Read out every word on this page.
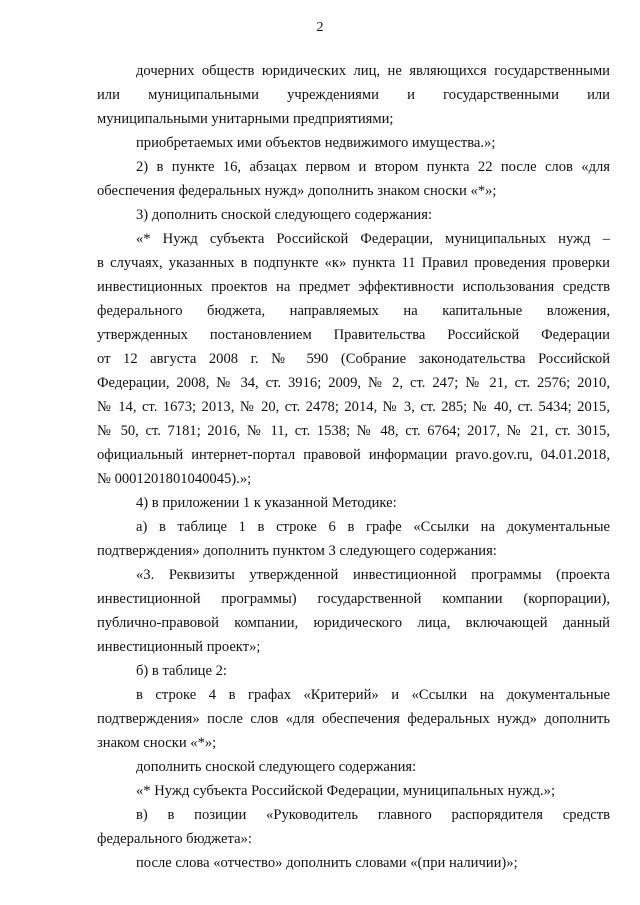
2
дочерних обществ юридических лиц, не являющихся государственными
или муниципальными учреждениями и государственными или
муниципальными унитарными предприятиями;
приобретаемых ими объектов недвижимого имущества.»;
2) в пункте 16, абзацах первом и втором пункта 22 после слов «для
обеспечения федеральных нужд» дополнить знаком сноски «*»;
3) дополнить сноской следующего содержания:
«* Нужд субъекта Российской Федерации, муниципальных нужд –
в случаях, указанных в подпункте «к» пункта 11 Правил проведения проверки
инвестиционных проектов на предмет эффективности использования средств
федерального бюджета, направляемых на капитальные вложения,
утвержденных постановлением Правительства Российской Федерации
от 12 августа 2008 г. № 590 (Собрание законодательства Российской
Федерации, 2008, № 34, ст. 3916; 2009, № 2, ст. 247; № 21, ст. 2576; 2010,
№ 14, ст. 1673; 2013, № 20, ст. 2478; 2014, № 3, ст. 285; № 40, ст. 5434; 2015,
№ 50, ст. 7181; 2016, № 11, ст. 1538; № 48, ст. 6764; 2017, № 21, ст. 3015,
официальный интернет-портал правовой информации pravo.gov.ru, 04.01.2018,
№ 0001201801040045).»;
4) в приложении 1 к указанной Методике:
а) в таблице 1 в строке 6 в графе «Ссылки на документальные
подтверждения» дополнить пунктом 3 следующего содержания:
«3. Реквизиты утвержденной инвестиционной программы (проекта
инвестиционной программы) государственной компании (корпорации),
публично-правовой компании, юридического лица, включающей данный
инвестиционный проект»;
б) в таблице 2:
в строке 4 в графах «Критерий» и «Ссылки на документальные
подтверждения» после слов «для обеспечения федеральных нужд» дополнить
знаком сноски «*»;
дополнить сноской следующего содержания:
«* Нужд субъекта Российской Федерации, муниципальных нужд.»;
в) в позиции «Руководитель главного распорядителя средств
федерального бюджета»:
после слова «отчество» дополнить словами «(при наличии)»;
